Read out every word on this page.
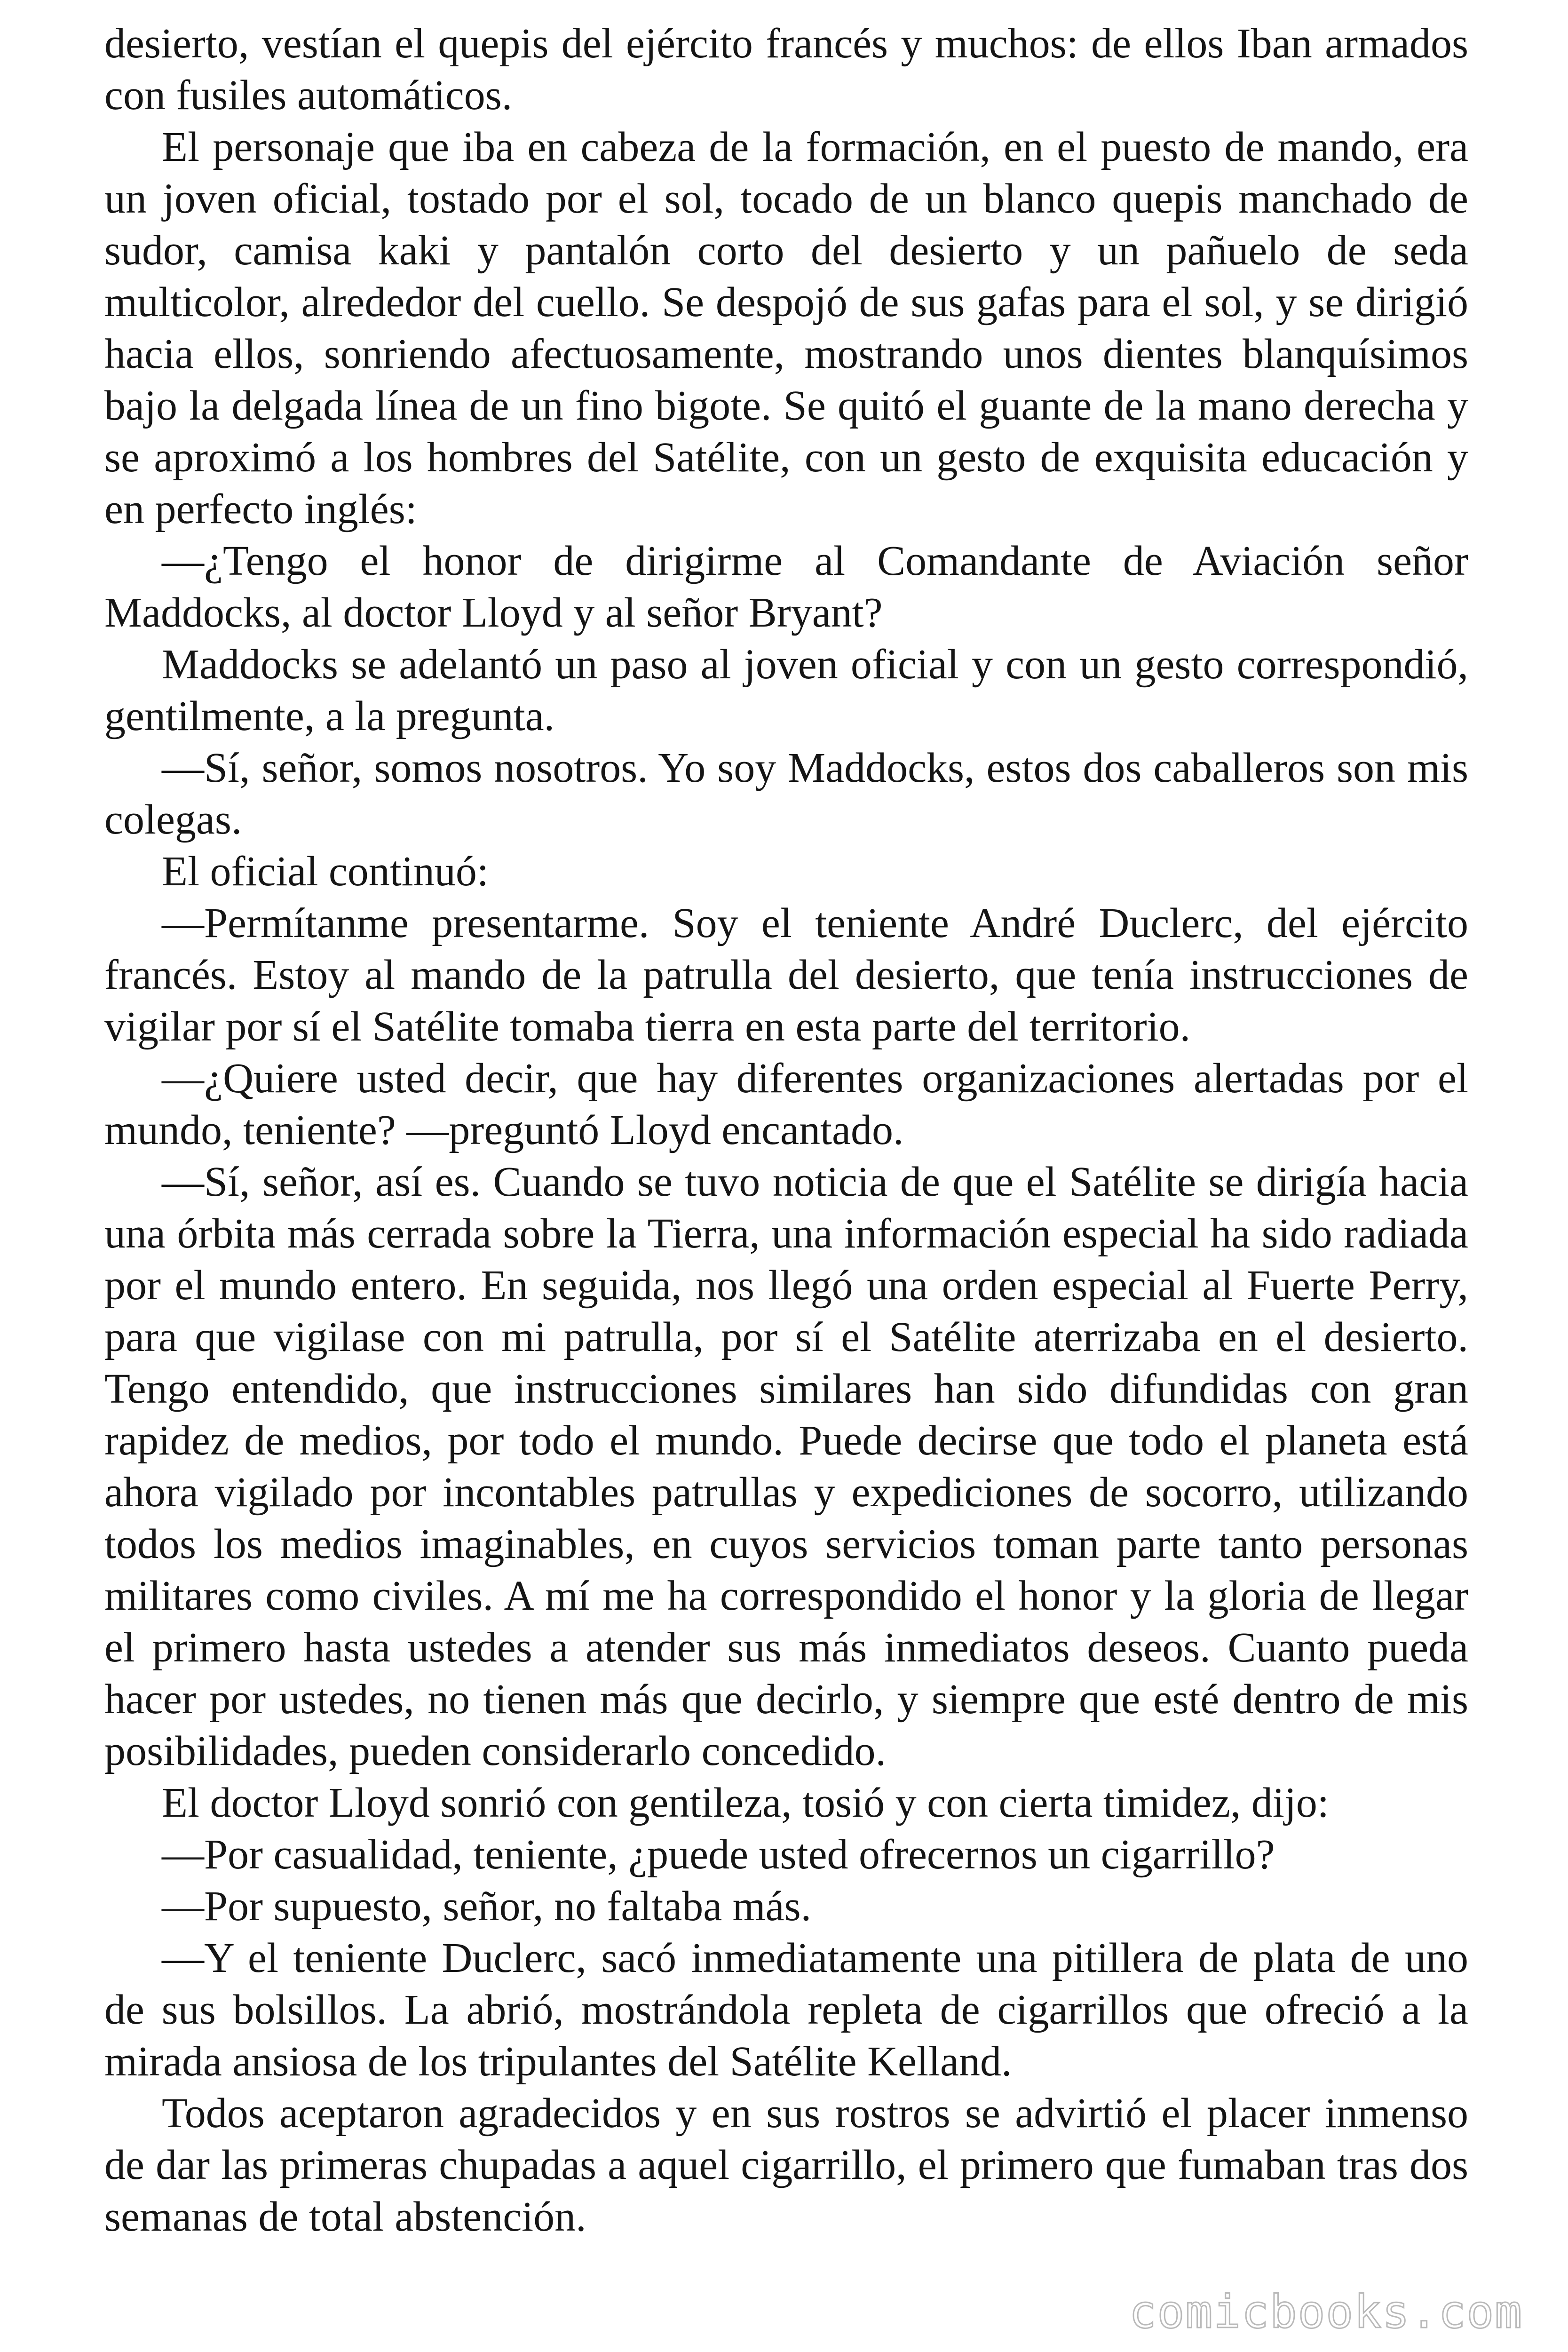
desierto, vestían el quepis del ejército francés y muchos: de ellos Iban armados con fusiles automáticos.

El personaje que iba en cabeza de la formación, en el puesto de mando, era un joven oficial, tostado por el sol, tocado de un blanco quepis manchado de sudor, camisa kaki y pantalón corto del desierto y un pañuelo de seda multicolor, alrededor del cuello. Se despojó de sus gafas para el sol, y se dirigió hacia ellos, sonriendo afectuosamente, mostrando unos dientes blanquísimos bajo la delgada línea de un fino bigote. Se quitó el guante de la mano derecha y se aproximó a los hombres del Satélite, con un gesto de exquisita educación y en perfecto inglés:

—¿Tengo el honor de dirigirme al Comandante de Aviación señor Maddocks, al doctor Lloyd y al señor Bryant?

Maddocks se adelantó un paso al joven oficial y con un gesto correspondió, gentilmente, a la pregunta.

—Sí, señor, somos nosotros. Yo soy Maddocks, estos dos caballeros son mis colegas.

El oficial continuó:

—Permítanme presentarme. Soy el teniente André Duclerc, del ejército francés. Estoy al mando de la patrulla del desierto, que tenía instrucciones de vigilar por sí el Satélite tomaba tierra en esta parte del territorio.

—¿Quiere usted decir, que hay diferentes organizaciones alertadas por el mundo, teniente? —preguntó Lloyd encantado.

—Sí, señor, así es. Cuando se tuvo noticia de que el Satélite se dirigía hacia una órbita más cerrada sobre la Tierra, una información especial ha sido radiada por el mundo entero. En seguida, nos llegó una orden especial al Fuerte Perry, para que vigilase con mi patrulla, por sí el Satélite aterrizaba en el desierto. Tengo entendido, que instrucciones similares han sido difundidas con gran rapidez de medios, por todo el mundo. Puede decirse que todo el planeta está ahora vigilado por incontables patrullas y expediciones de socorro, utilizando todos los medios imaginables, en cuyos servicios toman parte tanto personas militares como civiles. A mí me ha correspondido el honor y la gloria de llegar el primero hasta ustedes a atender sus más inmediatos deseos. Cuanto pueda hacer por ustedes, no tienen más que decirlo, y siempre que esté dentro de mis posibilidades, pueden considerarlo concedido.

El doctor Lloyd sonrió con gentileza, tosió y con cierta timidez, dijo:

—Por casualidad, teniente, ¿puede usted ofrecernos un cigarrillo?

—Por supuesto, señor, no faltaba más.

—Y el teniente Duclerc, sacó inmediatamente una pitillera de plata de uno de sus bolsillos. La abrió, mostrándola repleta de cigarrillos que ofreció a la mirada ansiosa de los tripulantes del Satélite Kelland.

Todos aceptaron agradecidos y en sus rostros se advirtió el placer inmenso de dar las primeras chupadas a aquel cigarrillo, el primero que fumaban tras dos semanas de total abstención.

comicbooks.com
